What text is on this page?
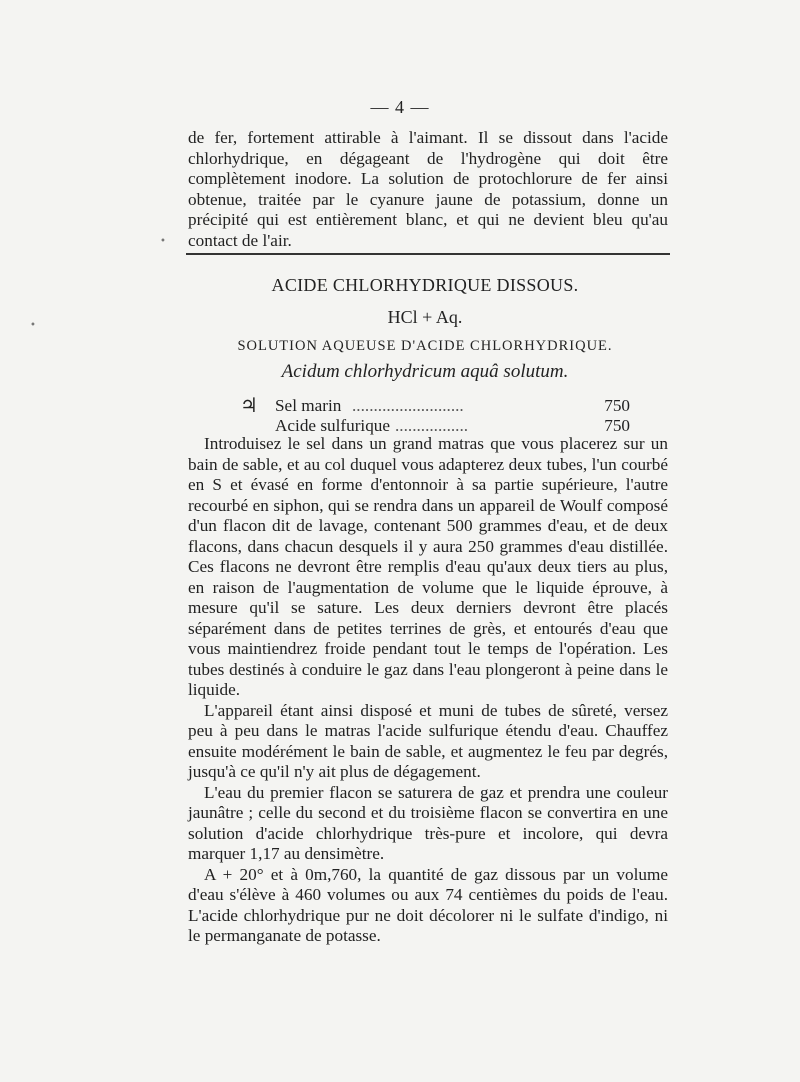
— 4 —
de fer, fortement attirable à l'aimant. Il se dissout dans l'acide chlorhydrique, en dégageant de l'hydrogène qui doit être complètement inodore. La solution de protochlorure de fer ainsi obtenue, traitée par le cyanure jaune de potassium, donne un précipité qui est entièrement blanc, et qui ne devient bleu qu'au contact de l'air.
ACIDE CHLORHYDRIQUE DISSOUS.
HCl + Aq.
SOLUTION AQUEUSE D'ACIDE CHLORHYDRIQUE.
Acidum chlorhydricum aquâ solutum.
♃ Sel marin ..........................	750
Acide sulfurique .................	750

Introduisez le sel dans un grand matras que vous placerez sur un bain de sable, et au col duquel vous adapterez deux tubes, l'un courbé en S et évasé en forme d'entonnoir à sa partie supérieure, l'autre recourbé en siphon, qui se rendra dans un appareil de Woulf composé d'un flacon dit de lavage, contenant 500 grammes d'eau, et de deux flacons, dans chacun desquels il y aura 250 grammes d'eau distillée. Ces flacons ne devront être remplis d'eau qu'aux deux tiers au plus, en raison de l'augmentation de volume que le liquide éprouve, à mesure qu'il se sature. Les deux derniers devront être placés séparément dans de petites terrines de grès, et entourés d'eau que vous maintiendrez froide pendant tout le temps de l'opération. Les tubes destinés à conduire le gaz dans l'eau plongeront à peine dans le liquide.

L'appareil étant ainsi disposé et muni de tubes de sûreté, versez peu à peu dans le matras l'acide sulfurique étendu d'eau. Chauffez ensuite modérément le bain de sable, et augmentez le feu par degrés, jusqu'à ce qu'il n'y ait plus de dégagement.

L'eau du premier flacon se saturera de gaz et prendra une couleur jaunâtre ; celle du second et du troisième flacon se convertira en une solution d'acide chlorhydrique très-pure et incolore, qui devra marquer 1,17 au densimètre.

A + 20° et à 0m,760, la quantité de gaz dissous par un volume d'eau s'élève à 460 volumes ou aux 74 centièmes du poids de l'eau. L'acide chlorhydrique pur ne doit décolorer ni le sulfate d'indigo, ni le permanganate de potasse.

•
•
